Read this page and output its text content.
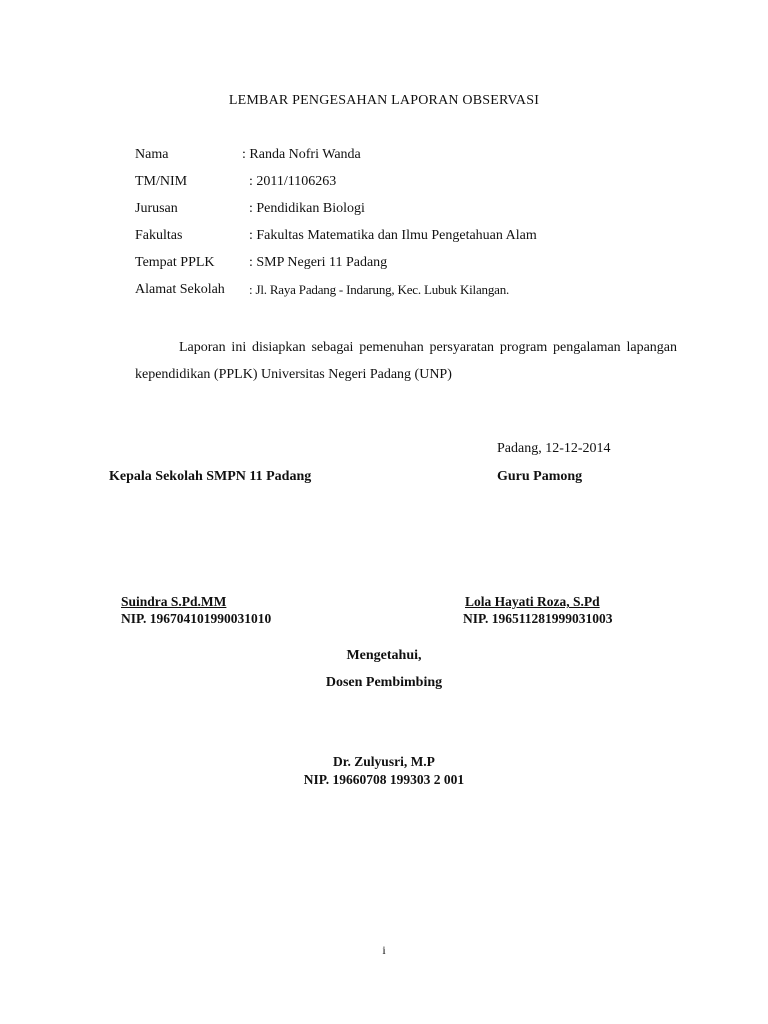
LEMBAR PENGESAHAN LAPORAN OBSERVASI
Nama	: Randa Nofri Wanda
TM/NIM	: 2011/1106263
Jurusan	: Pendidikan Biologi
Fakultas	: Fakultas Matematika dan Ilmu Pengetahuan Alam
Tempat PPLK : SMP Negeri 11 Padang
Alamat Sekolah : Jl. Raya Padang - Indarung, Kec. Lubuk Kilangan.

Laporan ini disiapkan sebagai pemenuhan persyaratan program pengalaman lapangan kependidikan (PPLK) Universitas Negeri Padang (UNP)

Padang, 12-12-2014
Kepala Sekolah SMPN 11 Padang	Guru Pamong
Suindra S.Pd.MM
NIP. 196704101990031010
Lola Hayati Roza, S.Pd
NIP. 196511281999031003
Mengetahui,
Dosen Pembimbing
Dr. Zulyusri, M.P
NIP. 19660708 199303 2 001
i
